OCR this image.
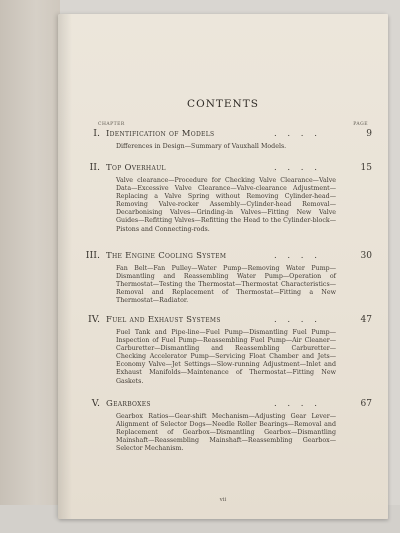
CONTENTS
CHAPTER	PAGE
I. Identification of Models	. . . .	9
Differences in Design—Summary of Vauxhall Models.
II. Top Overhaul	. . . .	15
Valve clearance—Procedure for Checking Valve Clearance—Valve Data—Excessive Valve Clearance—Valve-clearance Adjustment—Replacing a Valve Spring without Removing Cylinder-head—Removing Valve-rocker Assembly—Cylinder-head Removal—Decarbonising Valves—Grinding-in Valves—Fitting New Valve Guides—Refitting Valves—Refitting the Head to the Cylinder-block—Pistons and Connecting-rods.
III. The Engine Cooling System	. . . .	30
Fan Belt—Fan Pulley—Water Pump—Removing Water Pump—Dismantling and Reassembling Water Pump—Operation of Thermostat—Testing the Thermostat—Thermostat Characteristics—Removal and Replacement of Thermostat—Fitting a New Thermostat—Radiator.
IV. Fuel and Exhaust Systems	. . . .	47
Fuel Tank and Pipe-line—Fuel Pump—Dismantling Fuel Pump—Inspection of Fuel Pump—Reassembling Fuel Pump—Air Cleaner—Carburetter—Dismantling and Reassembling Carburetter—Checking Accelerator Pump—Servicing Float Chamber and Jets—Economy Valve—Jet Settings—Slow-running Adjustment—Inlet and Exhaust Manifolds—Maintenance of Thermostat—Fitting New Gaskets.
V. Gearboxes	. . . .	67
Gearbox Ratios—Gear-shift Mechanism—Adjusting Gear Lever—Alignment of Selector Dogs—Needle Roller Bearings—Removal and Replacement of Gearbox—Dismantling Gearbox—Dismantling Mainshaft—Reassembling Mainshaft—Reassembling Gearbox—Selector Mechanism.
vii
